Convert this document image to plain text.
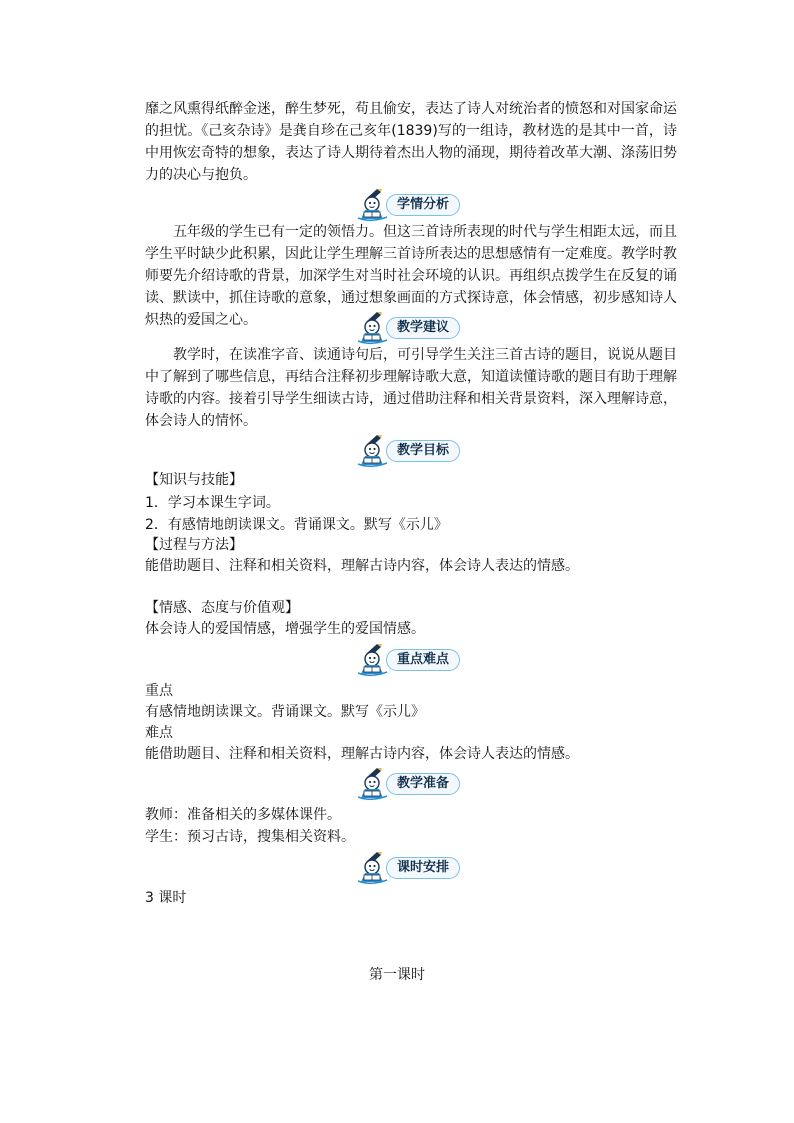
靡之风熏得纸醉金迷，醉生梦死，苟且偷安，表达了诗人对统治者的愤怒和对国家命运的担忧。《己亥杂诗》是龚自珍在己亥年(1839)写的一组诗，教材选的是其中一首，诗中用恢宏奇特的想象，表达了诗人期待着杰出人物的涌现，期待着改革大潮、涤荡旧势力的决心与抱负。

学情分析

五年级的学生已有一定的领悟力。但这三首诗所表现的时代与学生相距太远，而且学生平时缺少此积累，因此让学生理解三首诗所表达的思想感情有一定难度。教学时教师要先介绍诗歌的背景，加深学生对当时社会环境的认识。再组织点拨学生在反复的诵读、默读中，抓住诗歌的意象，通过想象画面的方式探诗意，体会情感，初步感知诗人炽热的爱国之心。	教学建议

教学时，在读准字音、读通诗句后，可引导学生关注三首古诗的题目，说说从题目中了解到了哪些信息，再结合注释初步理解诗歌大意，知道读懂诗歌的题目有助于理解诗歌的内容。接着引导学生细读古诗，通过借助注释和相关背景资料，深入理解诗意，体会诗人的情怀。

教学目标

【知识与技能】

1．学习本课生字词。

2．有感情地朗读课文。背诵课文。默写《示儿》

【过程与方法】

能借助题目、注释和相关资料，理解古诗内容，体会诗人表达的情感。

【情感、态度与价值观】

体会诗人的爱国情感，增强学生的爱国情感。

重点难点

重点

有感情地朗读课文。背诵课文。默写《示儿》

难点

能借助题目、注释和相关资料，理解古诗内容，体会诗人表达的情感。

教学准备

教师：准备相关的多媒体课件。

学生：预习古诗，搜集相关资料。

课时安排

3 课时

第一课时
